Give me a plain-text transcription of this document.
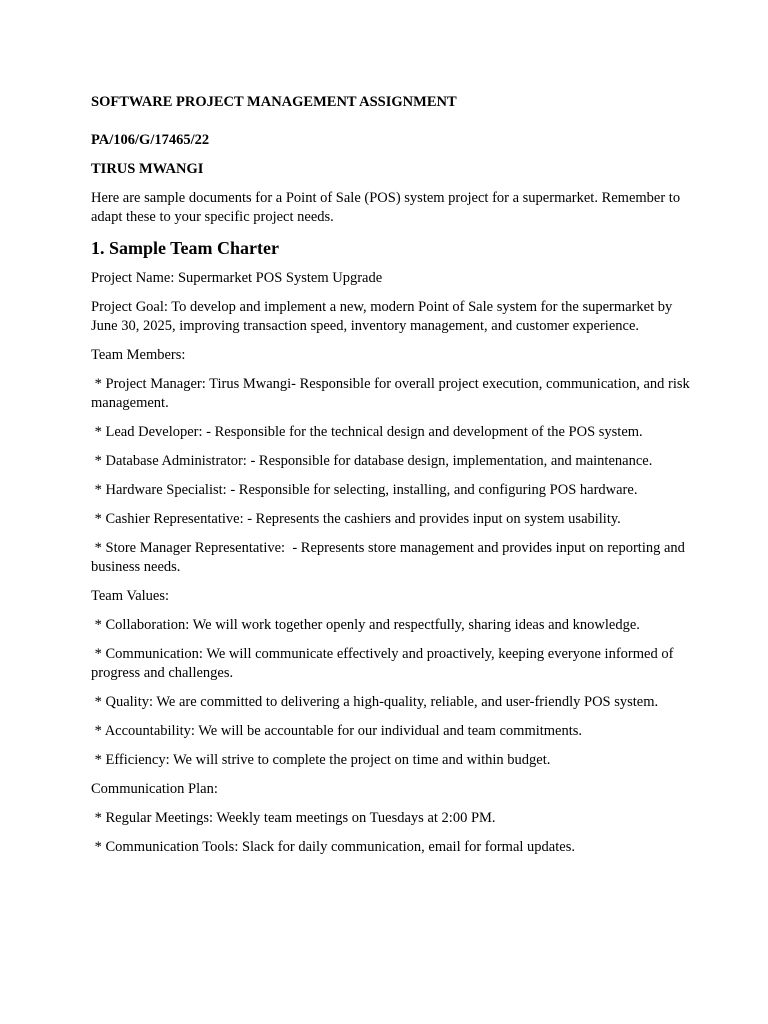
SOFTWARE PROJECT MANAGEMENT ASSIGNMENT
PA/106/G/17465/22
TIRUS MWANGI
Here are sample documents for a Point of Sale (POS) system project for a supermarket. Remember to adapt these to your specific project needs.
1. Sample Team Charter
Project Name: Supermarket POS System Upgrade
Project Goal: To develop and implement a new, modern Point of Sale system for the supermarket by June 30, 2025, improving transaction speed, inventory management, and customer experience.
Team Members:
* Project Manager: Tirus Mwangi- Responsible for overall project execution, communication, and risk management.
* Lead Developer: - Responsible for the technical design and development of the POS system.
* Database Administrator: - Responsible for database design, implementation, and maintenance.
* Hardware Specialist: - Responsible for selecting, installing, and configuring POS hardware.
* Cashier Representative: - Represents the cashiers and provides input on system usability.
* Store Manager Representative:  - Represents store management and provides input on reporting and business needs.
Team Values:
* Collaboration: We will work together openly and respectfully, sharing ideas and knowledge.
* Communication: We will communicate effectively and proactively, keeping everyone informed of progress and challenges.
* Quality: We are committed to delivering a high-quality, reliable, and user-friendly POS system.
* Accountability: We will be accountable for our individual and team commitments.
* Efficiency: We will strive to complete the project on time and within budget.
Communication Plan:
* Regular Meetings: Weekly team meetings on Tuesdays at 2:00 PM.
* Communication Tools: Slack for daily communication, email for formal updates.
